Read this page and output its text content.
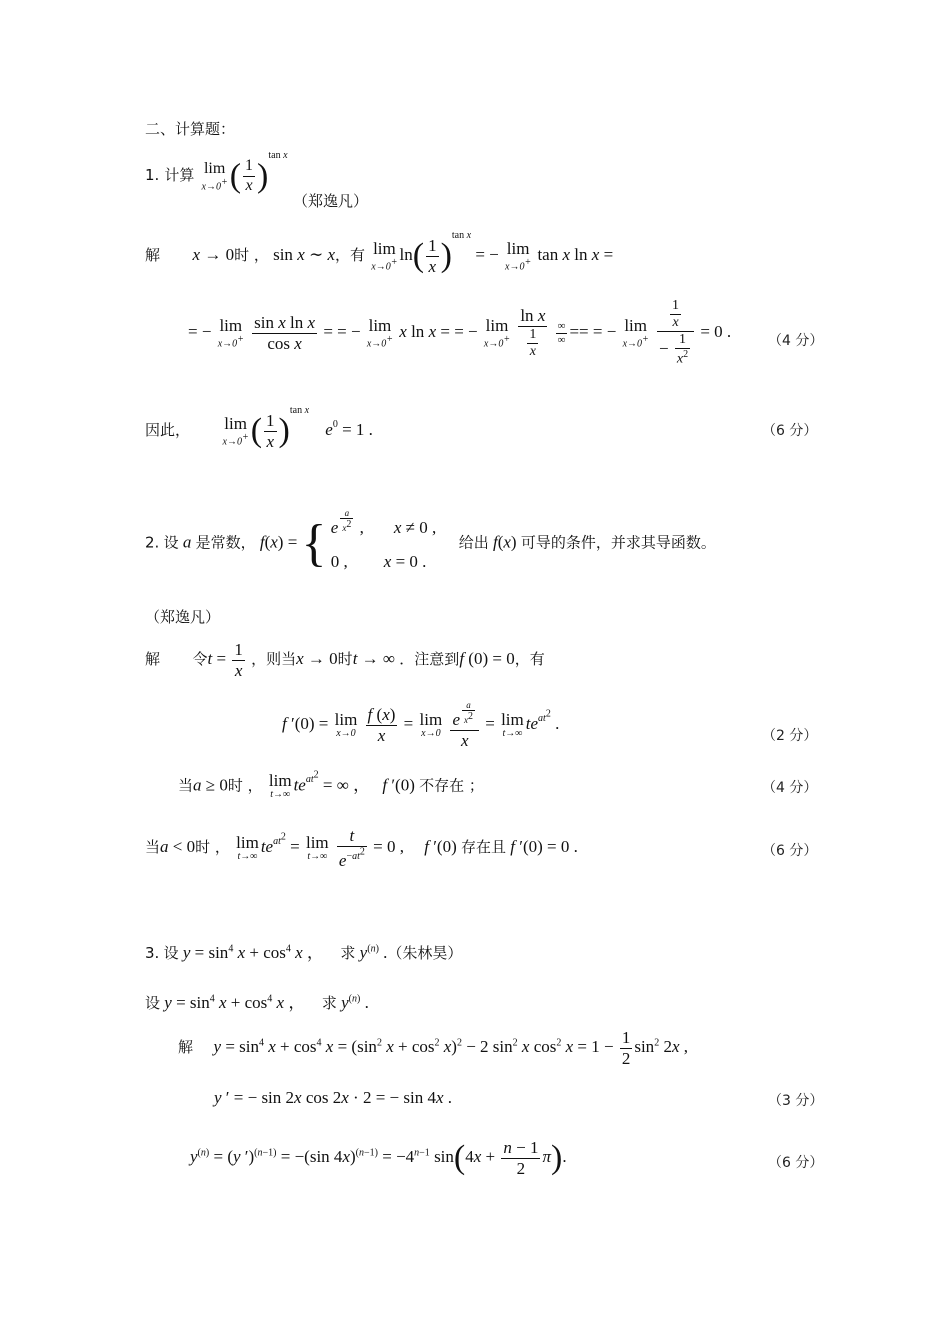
二、计算题：
1. 计算 lim
x→0+ ( $\frac{1}{x} )^{tan x}$
（郑逸凡）
解 x → 0时 ， sin x ∼ x，有 lim
x→0+ $\ln( \frac{1}{x} )^{tan x}$ = − lim
x→0+ tan x ln x =
= − lim
x→0+
$\frac{\text{sin x ln x}}{\text{cos x}}$ = = − lim
x→0+ x ln x = = − lim
x→0+
$\frac{\text{ln x}}{\frac{1}{x}}$
$\frac{\infty}{\infty}$ == = − lim
x→0+
$\frac{\frac{1}{x}}{- \frac{1}{x^2}} = 0$ .
（4 分）
因此， lim
x→0+ ( $\frac{1}{x} )^{tan x}$ $e^0 = 1$ .	（6 分）
2. 设 a 是常数， f(x) = { e $^{\frac{a}{x^2}}$ , x ≠ 0 ,
0 , x = 0 .
给出 f(x) 可导的条件，并求其导函数。
（郑逸凡）
解 令$t = \frac{1}{x}$ ，则当x → 0时t → ∞ ．注意到f (0) = 0，有
f ′(0) = lim
x→0
$\frac{f (x)}{x} = \lim$
x→0
e $^{\frac{a}{x^2}}$
x = lim
t→∞
$te^{at^2}$ .
（2 分）
当a ≥ 0时 ， lim
t→∞
$te^{at^2}$ = ∞ ， f ′(0) 不存在 ；	（4 分）
当a < 0时 ， lim
t→∞
$te^{at^2} = \lim$
t→∞
$\frac{t}{e^{-at^2}} = 0$ , f ′(0) 存在且 f ′(0) = 0 .	（6 分）
3. 设 $y = \sin^4 x + \cos^4 x$ ，  求 $y^{(n)}$ .（朱林昊）
设 $y = \sin^4 x + \cos^4 x$ ，  求 $y^{(n)}$ .
解 $y = \sin^4 x + \cos^4 x = (\sin^2$ $x + \cos^2 x)^2 - 2$ $\sin^2 x$ $\cos^2 x = 1 - \frac{1}{2} \sin^2 2x$ ,
y ′ = − sin 2x cos 2x · 2 = − sin 4x .	（3 分）
$y^{(n)} = (y$ ′)$^{(n-1)}$ = −(sin $4x)^{(n-1)} = -4^{n-1}$ $\sin(4x + \frac{n - 1}{2} \pi)$.	（6 分）
